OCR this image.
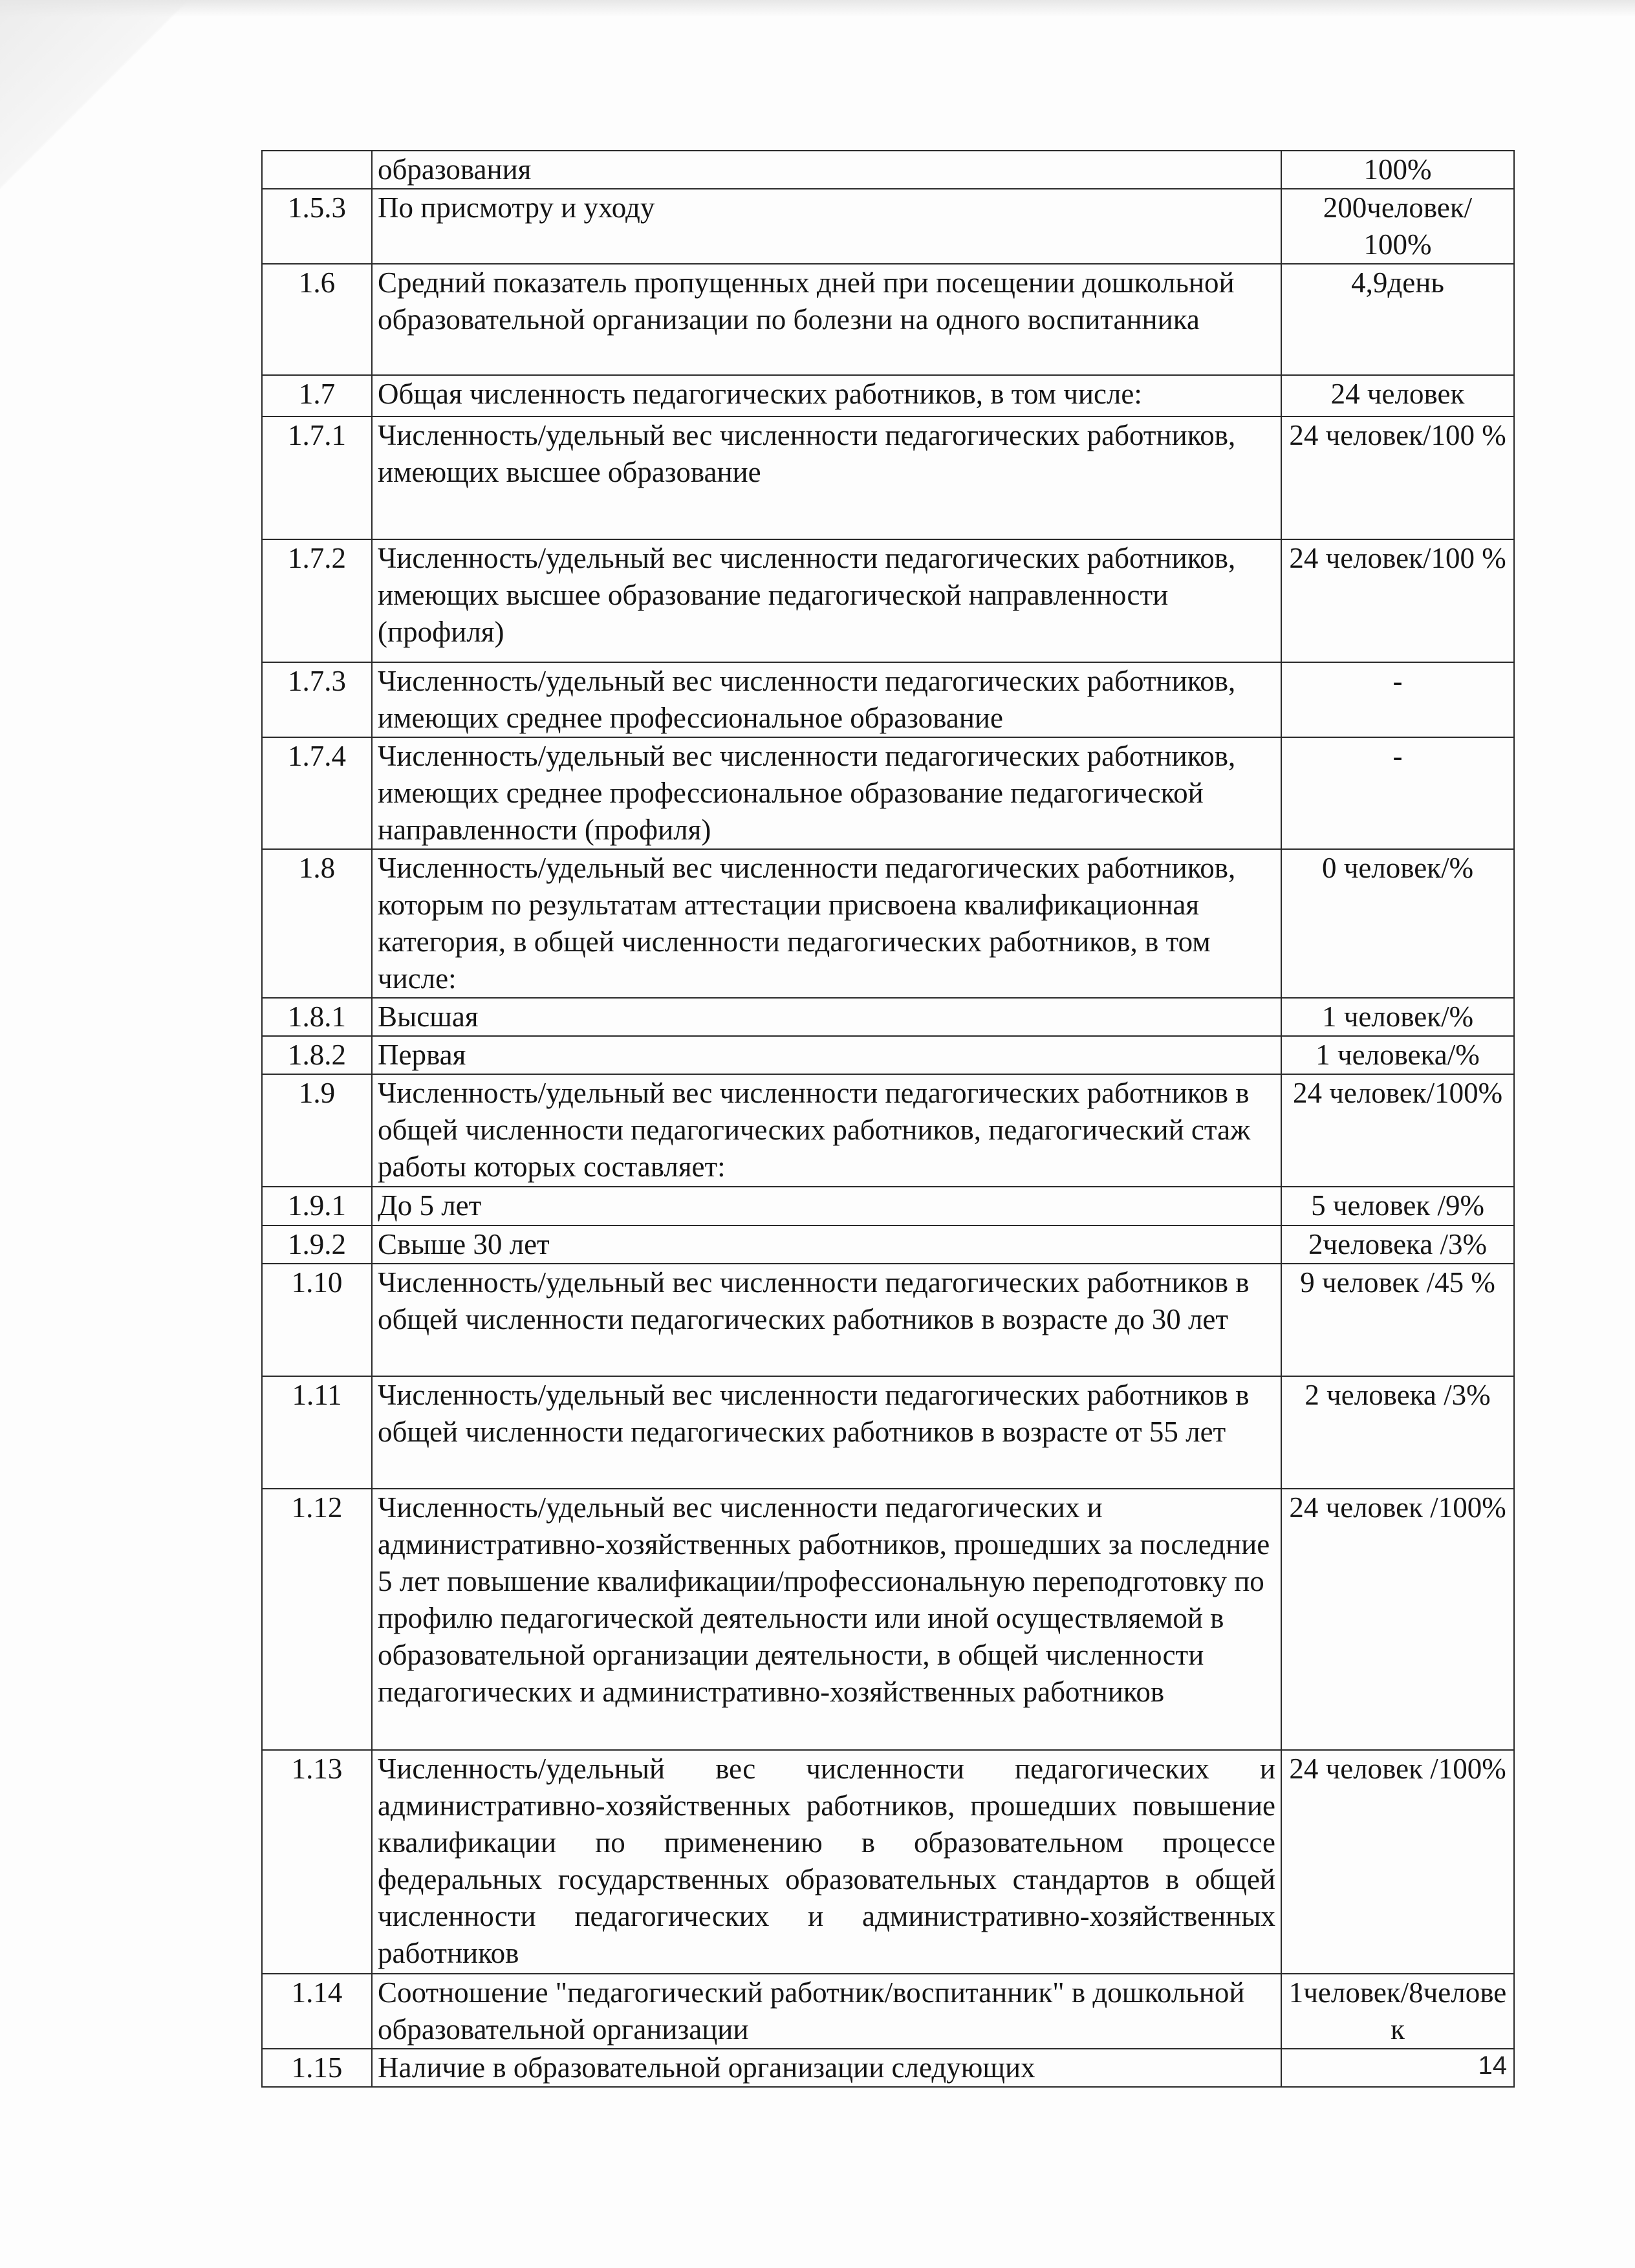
	образования	100%
1.5.3	По присмотру и уходу	200человек/ 100%
1.6	Средний показатель пропущенных дней при посещении дошкольной образовательной организации по болезни на одного воспитанника	4,9день
1.7	Общая численность педагогических работников, в том числе:	24 человек
1.7.1	Численность/удельный вес численности педагогических работников, имеющих высшее образование	24 человек/100 %
1.7.2	Численность/удельный вес численности педагогических работников, имеющих высшее образование педагогической направленности (профиля)	24 человек/100 %
1.7.3	Численность/удельный вес численности педагогических работников, имеющих среднее профессиональное образование	-
1.7.4	Численность/удельный вес численности педагогических работников, имеющих среднее профессиональное образование педагогической направленности (профиля)	-
1.8	Численность/удельный вес численности педагогических работников, которым по результатам аттестации присвоена квалификационная категория, в общей численности педагогических работников, в том числе:	0 человек/%
1.8.1	Высшая	1 человек/%
1.8.2	Первая	1 человека/%
1.9	Численность/удельный вес численности педагогических работников в общей численности педагогических работников, педагогический стаж работы которых составляет:	24 человек/100%
1.9.1	До 5 лет	5 человек /9%
1.9.2	Свыше 30 лет	2человека /3%
1.10	Численность/удельный вес численности педагогических работников в общей численности педагогических работников в возрасте до 30 лет	9 человек /45 %
1.11	Численность/удельный вес численности педагогических работников в общей численности педагогических работников в возрасте от 55 лет	2 человека /3%
1.12	Численность/удельный вес численности педагогических и административно-хозяйственных работников, прошедших за последние 5 лет повышение квалификации/профессиональную переподготовку по профилю педагогической деятельности или иной осуществляемой в образовательной организации деятельности, в общей численности педагогических и административно-хозяйственных работников	24 человек /100%
1.13	Численность/удельный вес численности педагогических и административно-хозяйственных работников, прошедших повышение квалификации по применению в образовательном процессе федеральных государственных образовательных стандартов в общей численности педагогических и административно-хозяйственных работников	24 человек /100%
1.14	Соотношение "педагогический работник/воспитанник" в дошкольной образовательной организации	1человек/8человек
1.15	Наличие в образовательной организации следующих		14
